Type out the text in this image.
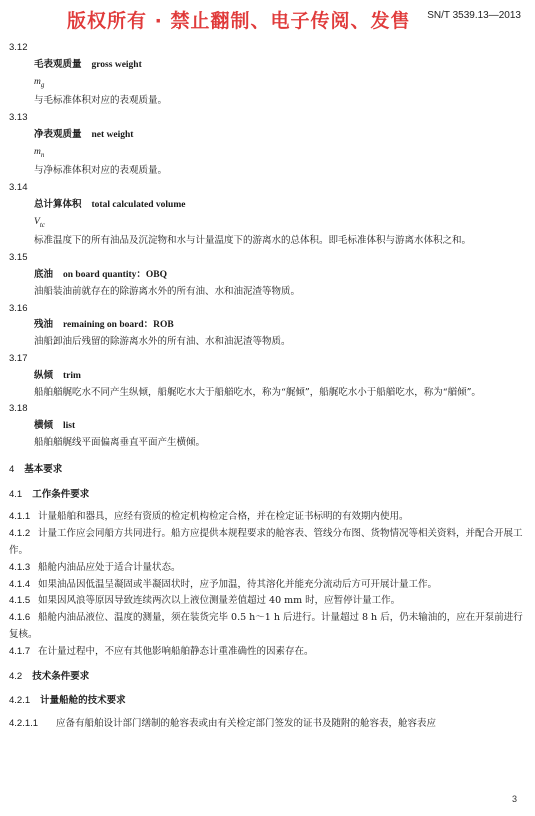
版权所有 · 禁止翻制、电子传阅、发售 SN/T 3539.13—2013

3.12

毛表观质量 gross weight

$m_g$

与毛标准体积对应的表观质量。

3.13

净表观质量 net weight

$m_n$

与净标准体积对应的表观质量。

3.14

总计算体积 total calculated volume

$V_{tc}$

标准温度下的所有油品及沉淀物和水与计量温度下的游离水的总体积。即毛标准体积与游离水体积之和。

3.15

底油 on board quantity：OBQ

油船装油前就存在的除游离水外的所有油、水和油泥渣等物质。

3.16

残油 remaining on board：ROB

油船卸油后残留的除游离水外的所有油、水和油泥渣等物质。

3.17

纵倾 trim

船舶艏艉吃水不同产生纵倾，船艉吃水大于船艏吃水，称为“艉倾”，船艉吃水小于船艏吃水，称为“艏倾”。

3.18

横倾 list

船舶艏艉线平面偏离垂直平面产生横倾。

4 基本要求

4.1 工作条件要求

4.1.1 计量船舶和器具，应经有资质的检定机构检定合格，并在检定证书标明的有效期内使用。

4.1.2 计量工作应会同船方共同进行。船方应提供本规程要求的舱容表、管线分布图、货物情况等相关资料，并配合开展工作。

4.1.3 船舱内油品应处于适合计量状态。

4.1.4 如果油品因低温呈凝固或半凝固状时，应予加温，待其溶化并能充分流动后方可开展计量工作。

4.1.5 如果因风浪等原因导致连续两次以上液位测量差值超过 40 mm 时，应暂停计量工作。

4.1.6 船舱内油品液位、温度的测量，须在装货完毕 0.5 h～1 h 后进行。计量超过 8 h 后，仍未输油的，应在开泵前进行复核。

4.1.7 在计量过程中，不应有其他影响船舶静态计重准确性的因素存在。

4.2 技术条件要求

4.2.1 计量船舱的技术要求

4.2.1.1 应备有船舶设计部门缮制的舱容表或由有关检定部门签发的证书及随附的舱容表，舱容表应

3
